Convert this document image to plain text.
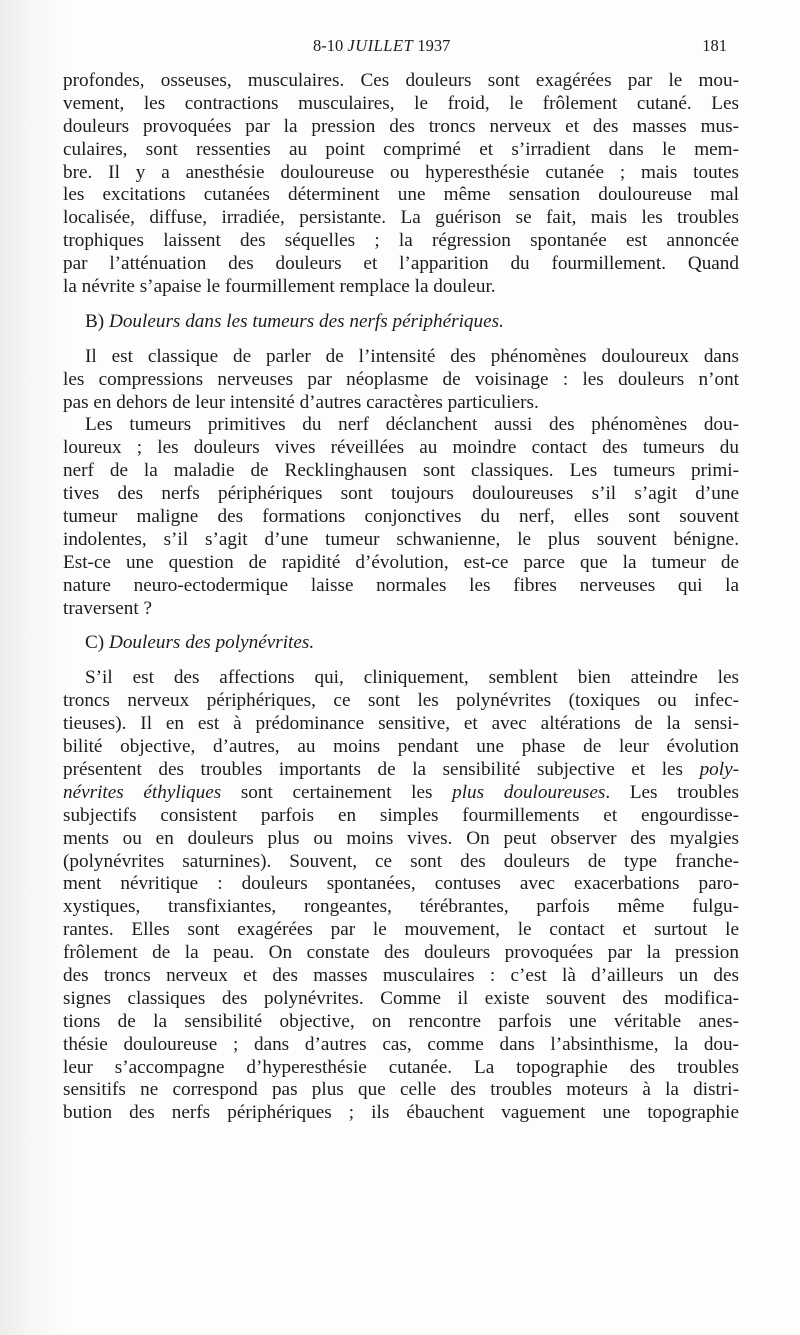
8-10 JUILLET 1937	181
profondes, osseuses, musculaires. Ces douleurs sont exagérées par le mou-
vement, les contractions musculaires, le froid, le frôlement cutané. Les
douleurs provoquées par la pression des troncs nerveux et des masses mus-
culaires, sont ressenties au point comprimé et s’irradient dans le mem-
bre. Il y a anesthésie douloureuse ou hyperesthésie cutanée ; mais toutes
les excitations cutanées déterminent une même sensation douloureuse mal
localisée, diffuse, irradiée, persistante. La guérison se fait, mais les troubles
trophiques laissent des séquelles ; la régression spontanée est annoncée
par l’atténuation des douleurs et l’apparition du fourmillement. Quand
la névrite s’apaise le fourmillement remplace la douleur.
B) Douleurs dans les tumeurs des nerfs périphériques.
Il est classique de parler de l’intensité des phénomènes douloureux dans
les compressions nerveuses par néoplasme de voisinage : les douleurs n’ont
pas en dehors de leur intensité d’autres caractères particuliers.
Les tumeurs primitives du nerf déclanchent aussi des phénomènes dou-
loureux ; les douleurs vives réveillées au moindre contact des tumeurs du
nerf de la maladie de Recklinghausen sont classiques. Les tumeurs primi-
tives des nerfs périphériques sont toujours douloureuses s’il s’agit d’une
tumeur maligne des formations conjonctives du nerf, elles sont souvent
indolentes, s’il s’agit d’une tumeur schwanienne, le plus souvent bénigne.
Est-ce une question de rapidité d’évolution, est-ce parce que la tumeur de
nature neuro-ectodermique laisse normales les fibres nerveuses qui la
traversent ?
C) Douleurs des polynévrites.
S’il est des affections qui, cliniquement, semblent bien atteindre les
troncs nerveux périphériques, ce sont les polynévrites (toxiques ou infec-
tieuses). Il en est à prédominance sensitive, et avec altérations de la sensi-
bilité objective, d’autres, au moins pendant une phase de leur évolution
présentent des troubles importants de la sensibilité subjective et les poly-
névrites éthyliques sont certainement les plus douloureuses. Les troubles
subjectifs consistent parfois en simples fourmillements et engourdisse-
ments ou en douleurs plus ou moins vives. On peut observer des myalgies
(polynévrites saturnines). Souvent, ce sont des douleurs de type franche-
ment névritique : douleurs spontanées, contuses avec exacerbations paro-
xystiques, transfixiantes, rongeantes, térébrantes, parfois même fulgu-
rantes. Elles sont exagérées par le mouvement, le contact et surtout le
frôlement de la peau. On constate des douleurs provoquées par la pression
des troncs nerveux et des masses musculaires : c’est là d’ailleurs un des
signes classiques des polynévrites. Comme il existe souvent des modifica-
tions de la sensibilité objective, on rencontre parfois une véritable anes-
thésie douloureuse ; dans d’autres cas, comme dans l’absinthisme, la dou-
leur s’accompagne d’hyperesthésie cutanée. La topographie des troubles
sensitifs ne correspond pas plus que celle des troubles moteurs à la distri-
bution des nerfs périphériques ; ils ébauchent vaguement une topographie
